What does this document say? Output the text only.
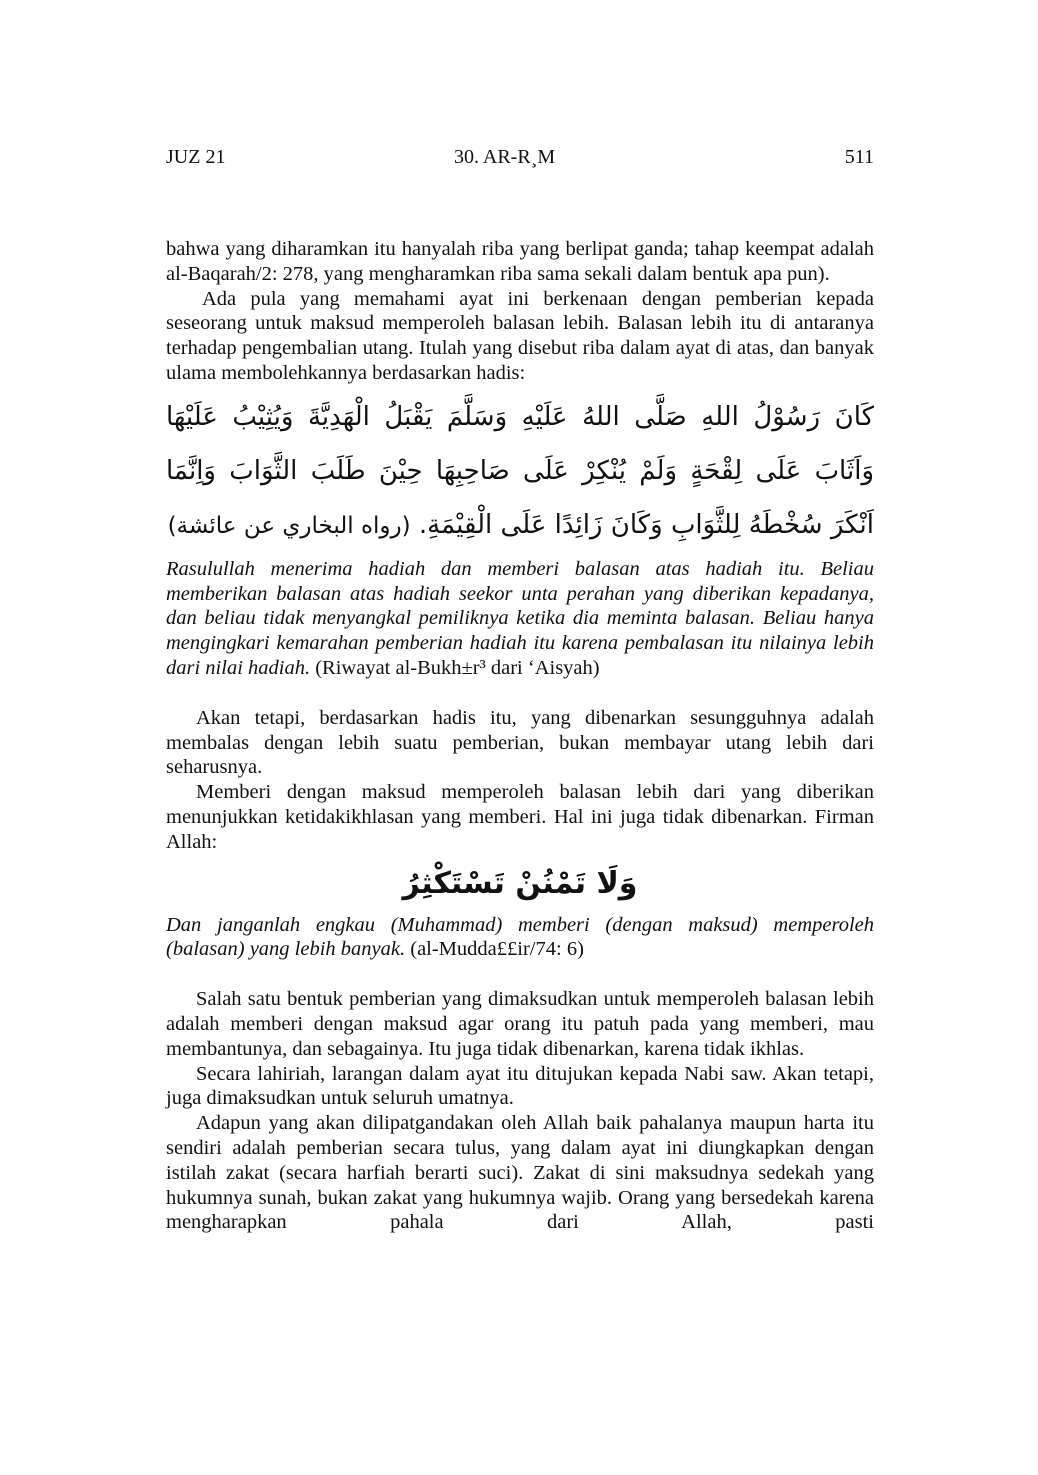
JUZ 21	30. AR-R¸M	511

bahwa yang diharamkan itu hanyalah riba yang berlipat ganda; tahap keempat adalah al-Baqarah/2: 278, yang mengharamkan riba sama sekali dalam bentuk apa pun).

Ada pula yang memahami ayat ini berkenaan dengan pemberian kepada seseorang untuk maksud memperoleh balasan lebih. Balasan lebih itu di antaranya terhadap pengembalian utang. Itulah yang disebut riba dalam ayat di atas, dan banyak ulama membolehkannya berdasarkan hadis:

كَانَ رَسُوْلُ اللهِ صَلَّى اللهُ عَلَيْهِ وَسَلَّمَ يَقْبَلُ الْهَدِيَّةَ وَيُثِيْبُ عَلَيْهَا وَاَثَابَ عَلَى لِقْحَةٍ وَلَمْ يُنْكِرْ عَلَى صَاحِبِهَا حِيْنَ طَلَبَ الثَّوَابَ وَاِنَّمَا اَنْكَرَ سُخْطَهُ لِلثَّوَابِ وَكَانَ زَائِدًا عَلَى الْقِيْمَةِ. (رواه البخاري عن عائشة)

Rasulullah menerima hadiah dan memberi balasan atas hadiah itu. Beliau memberikan balasan atas hadiah seekor unta perahan yang diberikan kepadanya, dan beliau tidak menyangkal pemiliknya ketika dia meminta balasan. Beliau hanya mengingkari kemarahan pemberian hadiah itu karena pembalasan itu nilainya lebih dari nilai hadiah. (Riwayat al-Bukh±r³ dari ‘Aisyah)

Akan tetapi, berdasarkan hadis itu, yang dibenarkan sesungguhnya adalah membalas dengan lebih suatu pemberian, bukan membayar utang lebih dari seharusnya.

Memberi dengan maksud memperoleh balasan lebih dari yang diberikan menunjukkan ketidakikhlasan yang memberi. Hal ini juga tidak dibenarkan. Firman Allah:

وَلَا تَمْنُنْ تَسْتَكْثِرُ

Dan janganlah engkau (Muhammad) memberi (dengan maksud) memperoleh (balasan) yang lebih banyak. (al-Mudda££ir/74: 6)

Salah satu bentuk pemberian yang dimaksudkan untuk memperoleh balasan lebih adalah memberi dengan maksud agar orang itu patuh pada yang memberi, mau membantunya, dan sebagainya. Itu juga tidak dibenarkan, karena tidak ikhlas.

Secara lahiriah, larangan dalam ayat itu ditujukan kepada Nabi saw. Akan tetapi, juga dimaksudkan untuk seluruh umatnya.

Adapun yang akan dilipatgandakan oleh Allah baik pahalanya maupun harta itu sendiri adalah pemberian secara tulus, yang dalam ayat ini diungkapkan dengan istilah zakat (secara harfiah berarti suci). Zakat di sini maksudnya sedekah yang hukumnya sunah, bukan zakat yang hukumnya wajib. Orang yang bersedekah karena mengharapkan pahala dari Allah, pasti
